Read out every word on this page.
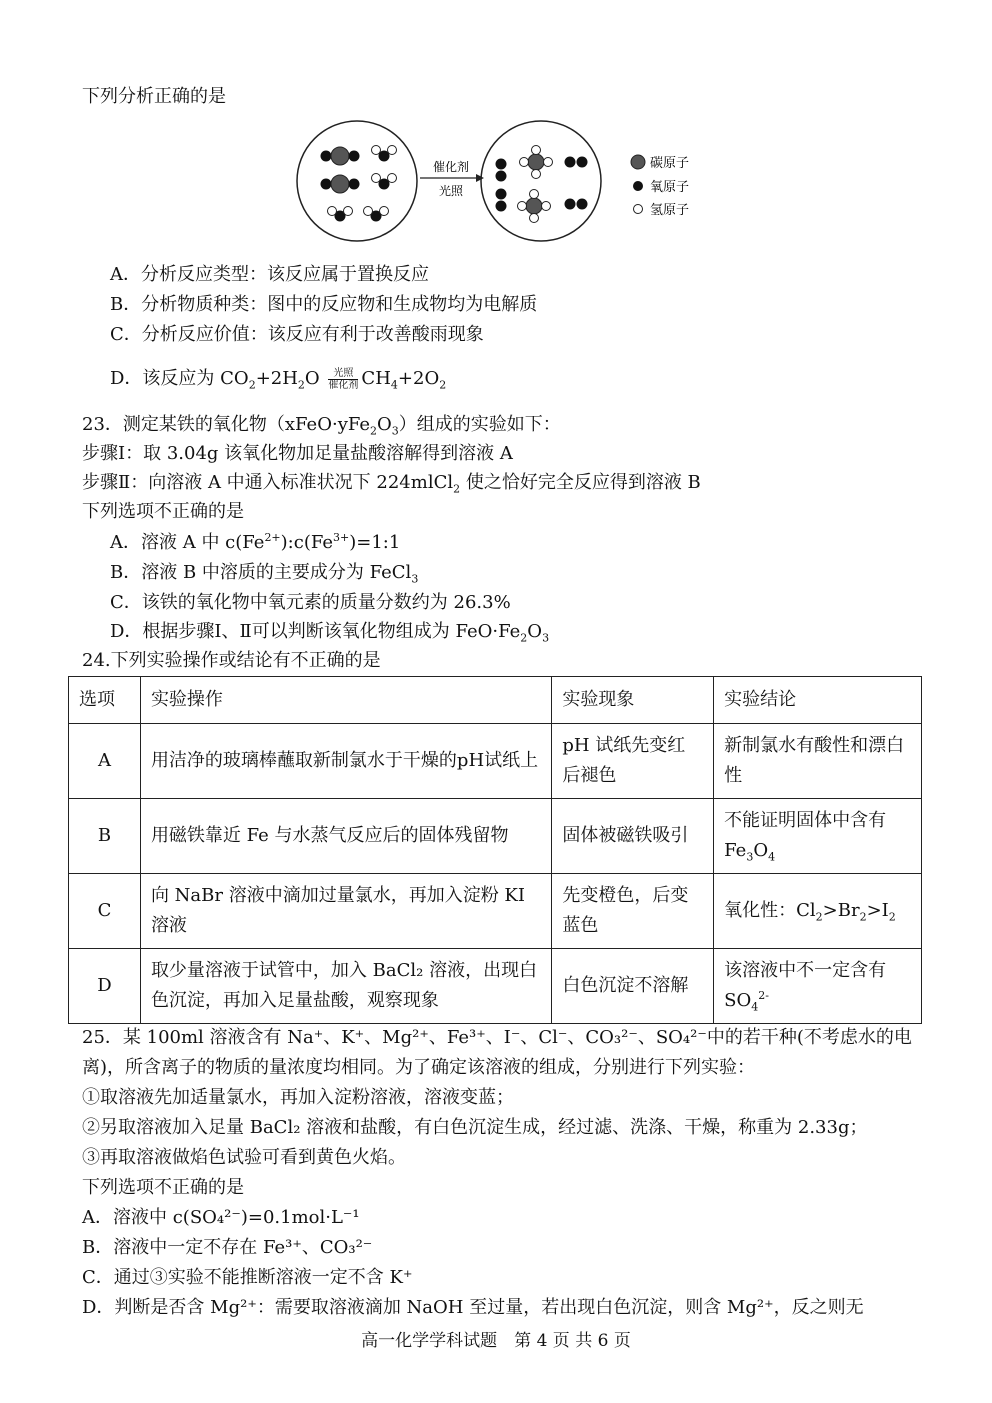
下列分析正确的是
催化剂
光照
碳原子
氧原子
氢原子
A．分析反应类型：该反应属于置换反应
B．分析物质种类：图中的反应物和生成物均为电解质
C．分析反应价值：该反应有利于改善酸雨现象
D．该反应为 $CO_2+2H_2O$	光照
催化剂 $CH_4+2O_2$
23．测定某铁的氧化物$(xFeO\cdot yFe_2O_3)$组成的实验如下：
步骤Ⅰ：取 3.04g 该氧化物加足量盐酸溶解得到溶液 A
步骤Ⅱ：向溶液 A 中通入标准状况下 224mlCl$_2$ 使之恰好完全反应得到溶液 B
下列选项不正确的是
A．溶液 A 中 $c(Fe^{2+}):c(Fe^{3+})=1:1$
B．溶液 B 中溶质的主要成分为 FeCl$_3$
C．该铁的氧化物中氧元素的质量分数约为 26.3%
D．根据步骤Ⅰ、Ⅱ可以判断该氧化物组成为 $FeO\cdot Fe_2O_3$
24.下列实验操作或结论有不正确的是
选项	实验操作	实验现象	实验结论
A	用洁净的玻璃棒蘸取新制氯水于干燥的pH试纸上	pH 试纸先变红后褪色	新制氯水有酸性和漂白性
B	用磁铁靠近 Fe 与水蒸气反应后的固体残留物	固体被磁铁吸引	不能证明固体中含有 $Fe_3O_4$
C	向 NaBr 溶液中滴加过量氯水，再加入淀粉 KI 溶液	先变橙色，后变蓝色	氧化性：$Cl_2>Br_2>I_2$
D	取少量溶液于试管中，加入 BaCl₂ 溶液，出现白色沉淀，再加入足量盐酸，观察现象	白色沉淀不溶解	该溶液中不一定含有 $SO_4^{2-}$
25．某 100ml 溶液含有 Na⁺、K⁺、Mg²⁺、Fe³⁺、I⁻、Cl⁻、CO₃²⁻、SO₄²⁻中的若干种(不考虑水的电
离)，所含离子的物质的量浓度均相同。为了确定该溶液的组成，分别进行下列实验：
①取溶液先加适量氯水，再加入淀粉溶液，溶液变蓝；
②另取溶液加入足量 BaCl₂ 溶液和盐酸，有白色沉淀生成，经过滤、洗涤、干燥，称重为 2.33g；
③再取溶液做焰色试验可看到黄色火焰。
下列选项不正确的是
A．溶液中 c(SO₄²⁻)=0.1mol·L⁻¹
B．溶液中一定不存在 Fe³⁺、CO₃²⁻
C．通过③实验不能推断溶液一定不含 K⁺
D．判断是否含 Mg²⁺：需要取溶液滴加 NaOH 至过量，若出现白色沉淀，则含 Mg²⁺，反之则无
高一化学学科试题　第 4 页 共 6 页
